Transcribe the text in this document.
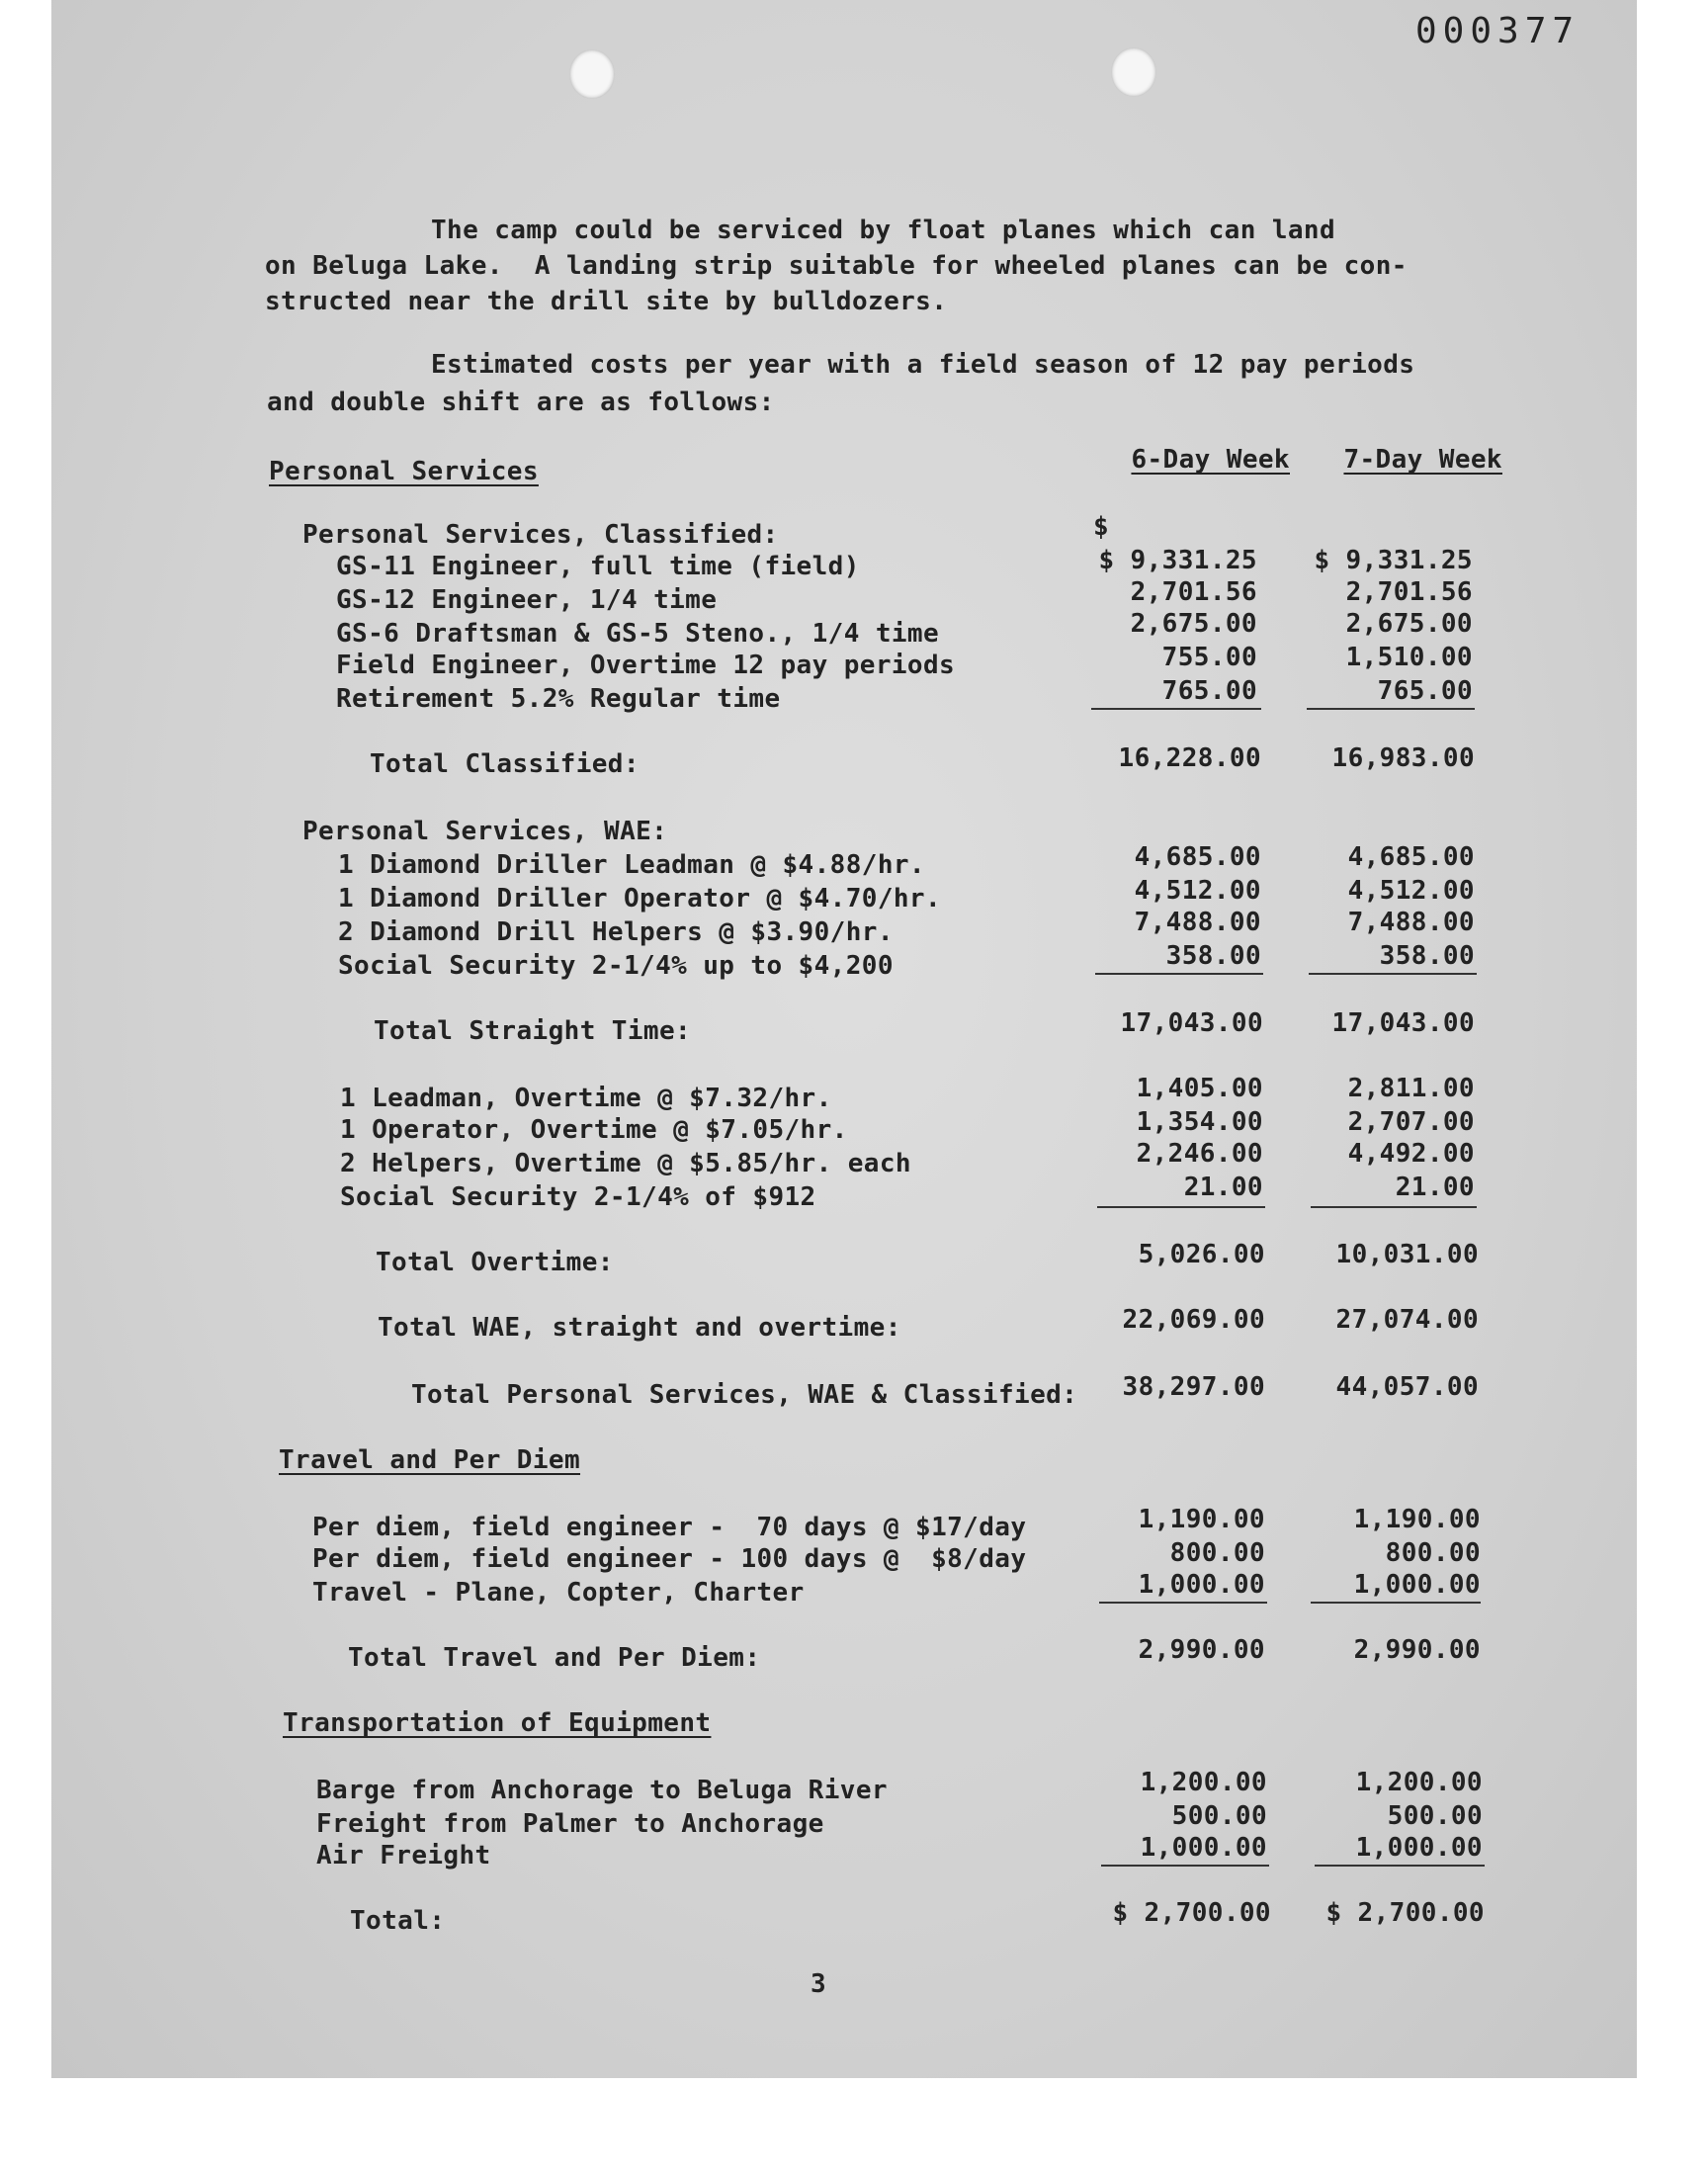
000377
The camp could be serviced by float planes which can land
on Beluga Lake.  A landing strip suitable for wheeled planes can be con-
structed near the drill site by bulldozers.
Estimated costs per year with a field season of 12 pay periods
and double shift are as follows:
Personal Services	6-Day Week	7-Day Week
Personal Services, Classified:	$
GS-11 Engineer, full time (field)	$ 9,331.25	$ 9,331.25
GS-12 Engineer, 1/4 time	2,701.56	2,701.56
GS-6 Draftsman & GS-5 Steno., 1/4 time	2,675.00	2,675.00
Field Engineer, Overtime 12 pay periods	755.00	1,510.00
Retirement 5.2% Regular time	765.00	765.00
Total Classified:	16,228.00	16,983.00
Personal Services, WAE:
1 Diamond Driller Leadman @ $4.88/hr.	4,685.00	4,685.00
1 Diamond Driller Operator @ $4.70/hr.	4,512.00	4,512.00
2 Diamond Drill Helpers @ $3.90/hr.	7,488.00	7,488.00
Social Security 2-1/4% up to $4,200	358.00	358.00
Total Straight Time:	17,043.00	17,043.00
1 Leadman, Overtime @ $7.32/hr.	1,405.00	2,811.00
1 Operator, Overtime @ $7.05/hr.	1,354.00	2,707.00
2 Helpers, Overtime @ $5.85/hr. each	2,246.00	4,492.00
Social Security 2-1/4% of $912	21.00	21.00
Total Overtime:	5,026.00	10,031.00
Total WAE, straight and overtime:	22,069.00	27,074.00
Total Personal Services, WAE & Classified:	38,297.00	44,057.00
Travel and Per Diem
Per diem, field engineer -  70 days @ $17/day	1,190.00	1,190.00
Per diem, field engineer - 100 days @  $8/day	800.00	800.00
Travel - Plane, Copter, Charter	1,000.00	1,000.00
Total Travel and Per Diem:	2,990.00	2,990.00
Transportation of Equipment
Barge from Anchorage to Beluga River	1,200.00	1,200.00
Freight from Palmer to Anchorage	500.00	500.00
Air Freight	1,000.00	1,000.00
Total:	$ 2,700.00	$ 2,700.00
3
